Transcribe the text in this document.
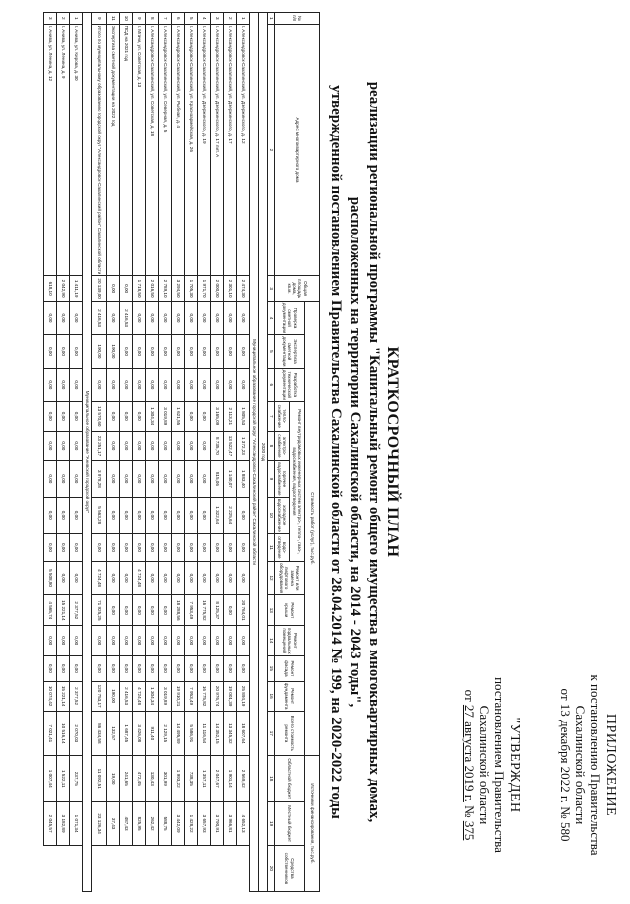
ПРИЛОЖЕНИЕ
к постановлению Правительства
Сахалинской области
от 13 декабря 2022 г. № 580
"УТВЕРЖДЕН
постановлением Правительства
Сахалинской области
от 27 августа 2019 г. № 375
КРАТКОСРОЧНЫЙ ПЛАН
реализации региональной программы "Капитальный ремонт общего имущества в многоквартирных домах,
расположенных на территории Сахалинской области, на 2014 - 2043 годы",
утвержденной постановлением Правительства Сахалинской области от 28.04.2014 № 199, на 2020-2022 годы
№ п/п	Адрес многоквартирного дома	Общая площадь дома, кв.м.	Стоимость работ (услуг), тыс.руб.														Источники финансирования, тыс.руб.		
			Проверка сметной документации	Экспертиза сметной документации	Разработка технической документации	Ремонт внутридомовых инженерных систем электро-, тепло-, газо-, водоснабжения, водоотведения					Ремонт или замена лифтового оборудования	Ремонт крыши	Ремонт подвальных помещений	Ремонт фасада	Ремонт фундамента	Всего стоимость ремонта	Областной бюджет	Местный бюджет	Средства собственников
						тепло- снабжение	электро- снабжение	горячее водоснабжение	холодное водоснабжение	водо- отведение									
1	2	3	4	5	6	7	8	9	10	11	12	13	14	15	16	17	18	19	20
2020 год																			
Муниципальное образование городской округ "Александровск-Сахалинский район" Сахалинской области																			
1	г. Александровск-Сахалинский, ул. Дзержинского, д. 12	2 474,30	0,00	0,00	0,00	1 805,53	1 372,23	1 883,40	0,00	0,00	0,00	20 764,01	0,00	0,00	25 894,19	18 607,64	2 569,42	4 652,13	
2	г. Александровск-Сахалинский, ул. Дзержинского, д. 17	2 301,10	0,00	0,00	0,00	2 113,21	13 522,47	1 140,07	2 225,64	0,00	0,00	0,00	0,00	0,00	19 001,39	13 345,32	1 901,14	3 966,81	
3	г. Александровск-Сахалинский, ул. Дзержинского, д. 17 лит. А	2 000,00	0,00	0,00	0,00	3 165,09	8 735,70	815,06	1 322,64	0,00	0,00	8 125,37	0,00	0,00	20 976,74	14 352,15	2 047,67	3 790,91	
4	г. Александровск-Сахалинский, ул. Дзержинского, д. 19	1 971,70	0,00	0,00	0,00	0,00	0,00	0,00	0,00	0,00	0,00	16 775,82	0,00	0,00	16 775,82	11 116,54	1 357,11	3 657,93	
5	г. Александровск-Сахалинский, ул. Красноармейская, д. 26	1 705,30	0,00	0,00	0,00	0,00	0,00	0,00	0,00	0,00	0,00	7 953,49	0,00	0,00	7 953,49	5 586,91	738,35	1 428,22	
6	г. Александровск-Сахалинский, ул. Рыбная, д. 4	3 294,50	0,00	0,00	0,00	1 621,55	0,00	0,00	0,00	0,00	0,00	18 288,56	0,00	0,00	19 910,21	14 495,89	1 993,22	3 442,09	
7	г. Александровск-Сахалинский, ул. Северная, д. 5	2 789,10	0,00	0,00	0,00	3 019,89	0,00	0,00	0,00	0,00	0,00	0,00	0,00	0,00	3 019,89	2 129,15	301,99	588,75	
8	г. Александровск-Сахалинский, ул. Советская, д. 18	2 016,50	0,00	0,00	0,00	1 304,34	0,00	0,00	0,00	0,00	0,00	0,00	0,00	0,00	1 304,34	911,40	130,43	262,42	
9	г. Мгачи, ул. Советская, д. 13	1 718,50	0,00	0,00	0,00	0,00	0,00	0,00	0,00	0,00	4 724,48	0,00	0,00	0,00	4 724,48	3 426,08	472,45	825,95	
10	ПСД на 2021 год	0,00	2 416,53	0,00	0,00	0,00	0,00	0,00	0,00	0,00	0,00	0,00	0,00	0,00	2 416,53	1 687,45	241,65	487,43	
11	Экспертиза сметной документации на 2022 год	0,00	0,00	190,00	0,00	0,00	0,00	0,00	0,00	0,00	0,00	0,00	0,00	0,00	190,00	132,57	19,00	37,43	
9	Итого по муниципальному образованию городской округ "Александровск-Сахалинский район" Сахалинской области	20 139,00	2 416,53	190,00	0,00	13 570,60	23 251,17	3 978,28	5 563,28	0,00	4 724,48	71 925,25	0,00	0,00	120 753,17	86 434,58	11 092,51	23 126,34	
Муниципальное образование "Анивский городской округ"																			
1	г. Анива, ул. Кирова, д. 30	1 411,19	0,00	0,00	0,00	0,00	0,00	0,00	0,00	0,00	0,00	2 377,52	0,00	0,00	2 377,52	2 070,03	237,75	1 071,34	
2	г. Анива, ул. Ленина, д. 9	2 042,90	0,00	0,00	0,00	0,00	0,00	0,00	0,00	0,00	0,00	15 221,14	0,00	0,00	15 221,14	10 516,14	1 522,11	3 182,89	
3	г. Анива, ул. Ленина, д. 12	618,10	0,00	0,00	0,00	0,00	0,00	0,00	0,00	0,00	5 508,80	4 565,74	0,00	0,00	10 074,42	7 021,41	1 007,44	2 045,57	
